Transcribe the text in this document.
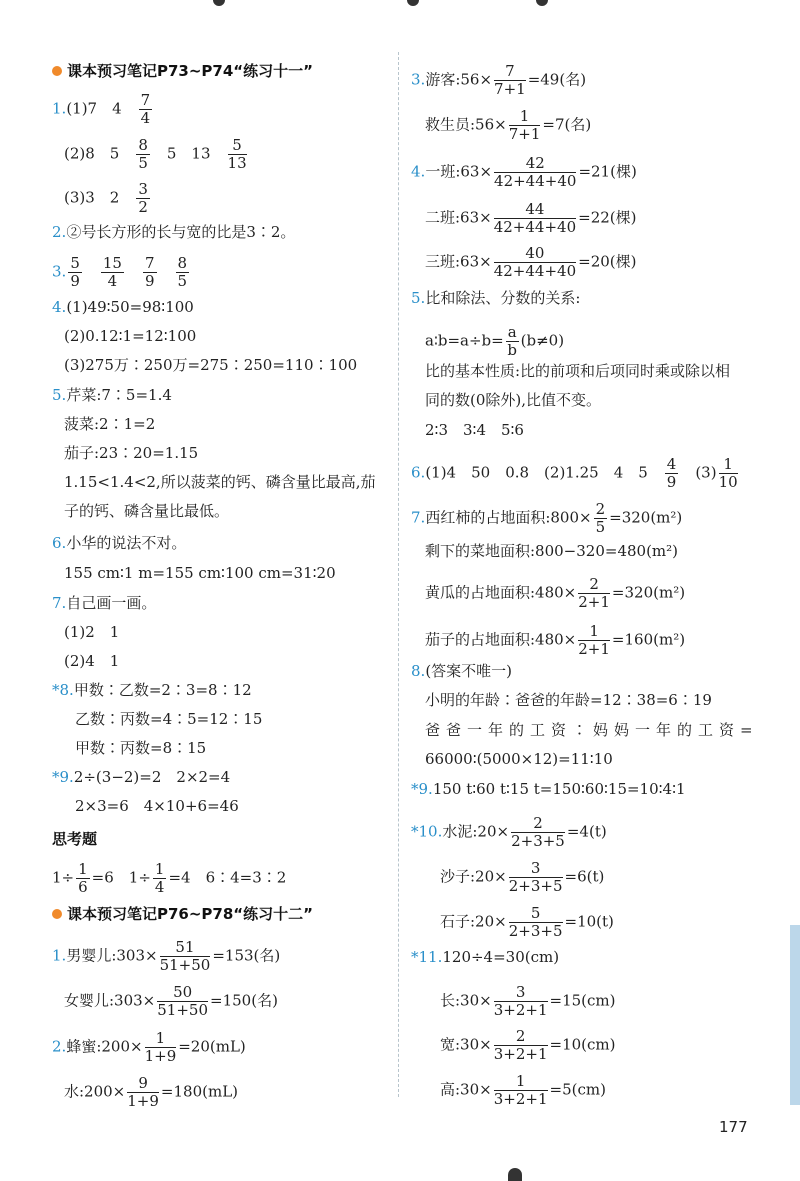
课本预习笔记P73~P74“练习十一”
1.(1)7　4　 $\frac{7}{4}$
(2)8　5　 $\frac{8}{5}$ 　5　13　 $\frac{5}{13}$
(3)3　2　 $\frac{3}{2}$
2.②号长方形的长与宽的比是3∶2。
3. $\frac{5}{9}$
　 $\frac{15}{4}$
　 $\frac{7}{9}$
　 $\frac{8}{5}$
4.(1)49∶50=98∶100
(2)0.12∶1=12∶100
(3)275万∶250万=275∶250=110∶100
5.芹菜:7∶5=1.4
菠菜:2∶1=2
茄子:23∶20=1.15
1.15<1.4<2,所以菠菜的钙、磷含量比最高,茄
子的钙、磷含量比最低。
6.小华的说法不对。
155 cm∶1 m=155 cm∶100 cm=31∶20
7.自己画一画。
(1)2　1
(2)4　1
*8.甲数∶乙数=2∶3=8∶12
乙数∶丙数=4∶5=12∶15
甲数∶丙数=8∶15
*9.2÷(3−2)=2　2×2=4
2×3=6　4×10+6=46
思考题
$1\div \frac{1}{6} =6$　$1\div \frac{1}{4} =4$　6∶4=3∶2
课本预习笔记P76~P78“练习十二”
1.男婴儿:303× $\frac{51}{51+50} =153$(名)
女婴儿:303× $\frac{50}{51+50} =150$(名)
2.蜂蜜:200× $\frac{1}{1+9} =20(mL)$
水:200× $\frac{9}{1+9} =180(mL)$
3.游客:56× $\frac{7}{7+1} =49$(名)
救生员:56× $\frac{1}{7+1} =7$(名)
4.一班:63× $\frac{42}{42+44+40} =21$(棵)
二班:63× $\frac{44}{42+44+40} =22$(棵)
三班:63× $\frac{40}{42+44+40} =20$(棵)
5.比和除法、分数的关系:
a∶b=a÷b= $\frac{a}{b} (b\ne 0)$
比的基本性质:比的前项和后项同时乘或除以相
同的数(0除外),比值不变。
2∶3　3∶4　5∶6
6.(1)4　50　0.8　(2)1.25　4　5　 $\frac{4}{9}$ 　$(3) \frac{1}{10}$
7.西红柿的占地面积:800× $\frac{2}{5} =320(m^2)$
剩下的菜地面积:800−320=480(m²)
黄瓜的占地面积:480× $\frac{2}{2+1} =320(m^2)$
茄子的占地面积:480× $\frac{1}{2+1} =160(m^2)$
8.(答案不唯一)
小明的年龄∶爸爸的年龄=12∶38=6∶19
爸爸一年的工资∶妈妈一年的工资=
66000∶(5000×12)=11∶10
*9.150 t∶60 t∶15 t=150∶60∶15=10∶4∶1
*10.水泥:20× $\frac{2}{2+3+5} =4(t)$
沙子:20× $\frac{3}{2+3+5} =6(t)$
石子:20× $\frac{5}{2+3+5} =10(t)$
*11.120÷4=30(cm)
长:30× $\frac{3}{3+2+1} =15(cm)$
宽:30× $\frac{2}{3+2+1} =10(cm)$
高:30× $\frac{1}{3+2+1} =5(cm)$
177
